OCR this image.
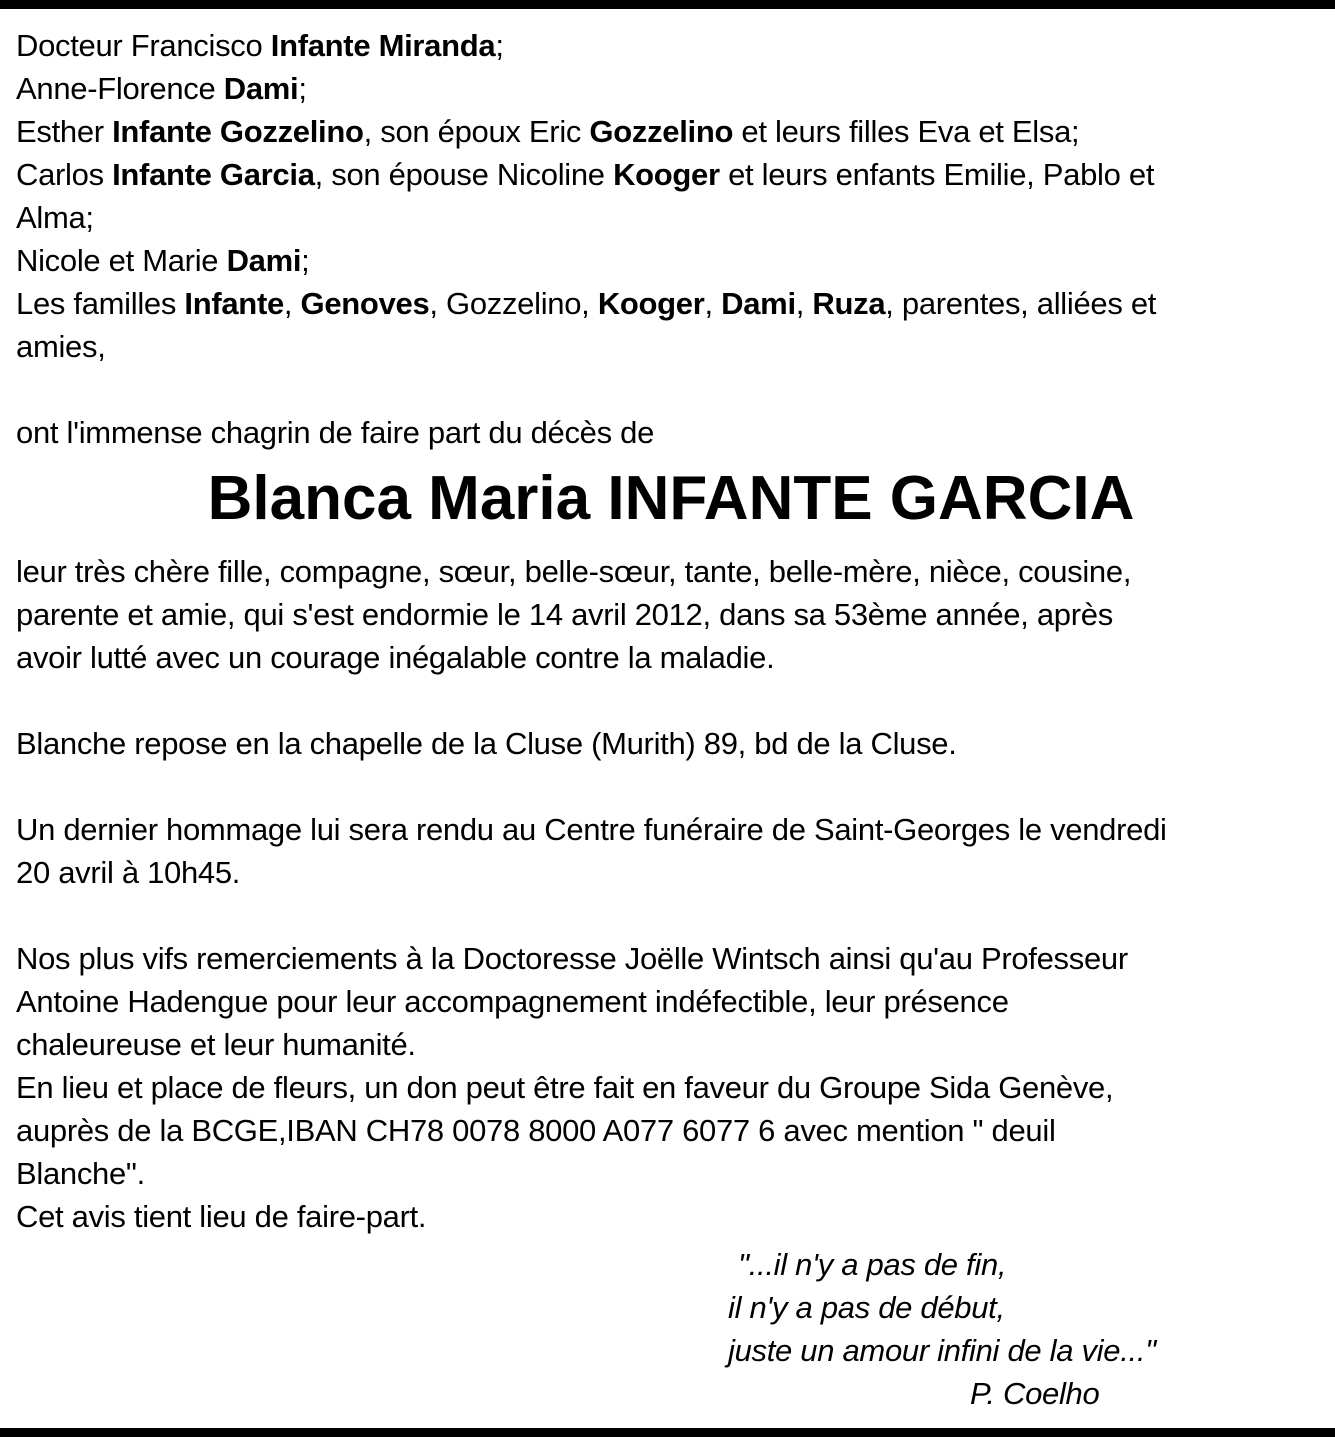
Docteur Francisco Infante Miranda;
Anne-Florence Dami;
Esther Infante Gozzelino, son époux Eric Gozzelino et leurs filles Eva et Elsa;
Carlos Infante Garcia, son épouse Nicoline Kooger et leurs enfants Emilie, Pablo et
Alma;
Nicole et Marie Dami;
Les familles Infante, Genoves, Gozzelino, Kooger, Dami, Ruza, parentes, alliées et
amies,
ont l'immense chagrin de faire part du décès de
Blanca Maria INFANTE GARCIA
leur très chère fille, compagne, sœur, belle-sœur, tante, belle-mère, nièce, cousine,
parente et amie, qui s'est endormie le 14 avril 2012, dans sa 53ème année, après
avoir lutté avec un courage inégalable contre la maladie.
Blanche repose en la chapelle de la Cluse (Murith) 89, bd de la Cluse.
Un dernier hommage lui sera rendu au Centre funéraire de Saint-Georges le vendredi
20 avril à 10h45.
Nos plus vifs remerciements à la Doctoresse Joëlle Wintsch ainsi qu'au Professeur
Antoine Hadengue pour leur accompagnement indéfectible, leur présence
chaleureuse et leur humanité.
En lieu et place de fleurs, un don peut être fait en faveur du Groupe Sida Genève,
auprès de la BCGE,IBAN CH78 0078 8000 A077 6077 6 avec mention " deuil
Blanche".
Cet avis tient lieu de faire-part.
"...il n'y a pas de fin,
il n'y a pas de début,
juste un amour infini de la vie..."
P. Coelho
